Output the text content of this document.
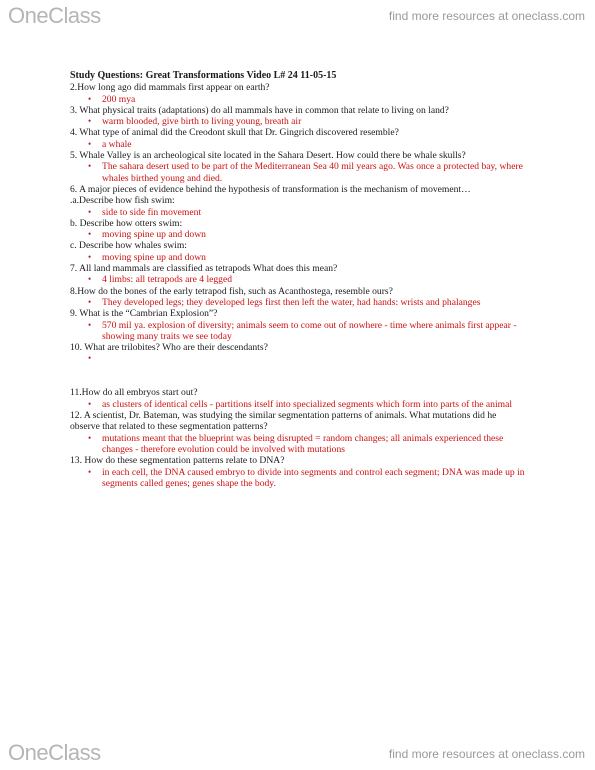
OneClass	find more resources at oneclass.com
Study Questions: Great Transformations Video L# 24 11-05-15
2.How long ago did mammals first appear on earth?
• 200 mya
3. What physical traits (adaptations) do all mammals have in common that relate to living on land?
• warm blooded, give birth to living young, breath air
4. What type of animal did the Creodont skull that Dr. Gingrich discovered resemble?
• a whale
5. Whale Valley is an archeological site located in the Sahara Desert. How could there be whale skulls?
• The sahara desert used to be part of the Mediterranean Sea 40 mil years ago. Was once a protected bay, where whales birthed young and died.
6. A major pieces of evidence behind the hypothesis of transformation is the mechanism of movement…
.a.Describe how fish swim:
• side to side fin movement
b. Describe how otters swim:
• moving spine up and down
c. Describe how whales swim:
• moving spine up and down
7. All land mammals are classified as tetrapods What does this mean?
• 4 limbs: all tetrapods are 4 legged
8.How do the bones of the early tetrapod fish, such as Acanthostega, resemble ours?
• They developed legs; they developed legs first then left the water, had hands: wrists and phalanges
9. What is the “Cambrian Explosion”?
• 570 mil ya. explosion of diversity; animals seem to come out of nowhere - time where animals first appear - showing many traits we see today
10. What are trilobites? Who are their descendants?
•
11.How do all embryos start out?
• as clusters of identical cells - partitions itself into specialized segments which form into parts of the animal
12. A scientist, Dr. Bateman, was studying the similar segmentation patterns of animals. What mutations did he observe that related to these segmentation patterns?
• mutations meant that the blueprint was being disrupted = random changes; all animals experienced these changes - therefore evolution could be involved with mutations
13. How do these segmentation patterns relate to DNA?
• in each cell, the DNA caused embryo to divide into segments and control each segment; DNA was made up in segments called genes; genes shape the body.
OneClass	find more resources at oneclass.com
